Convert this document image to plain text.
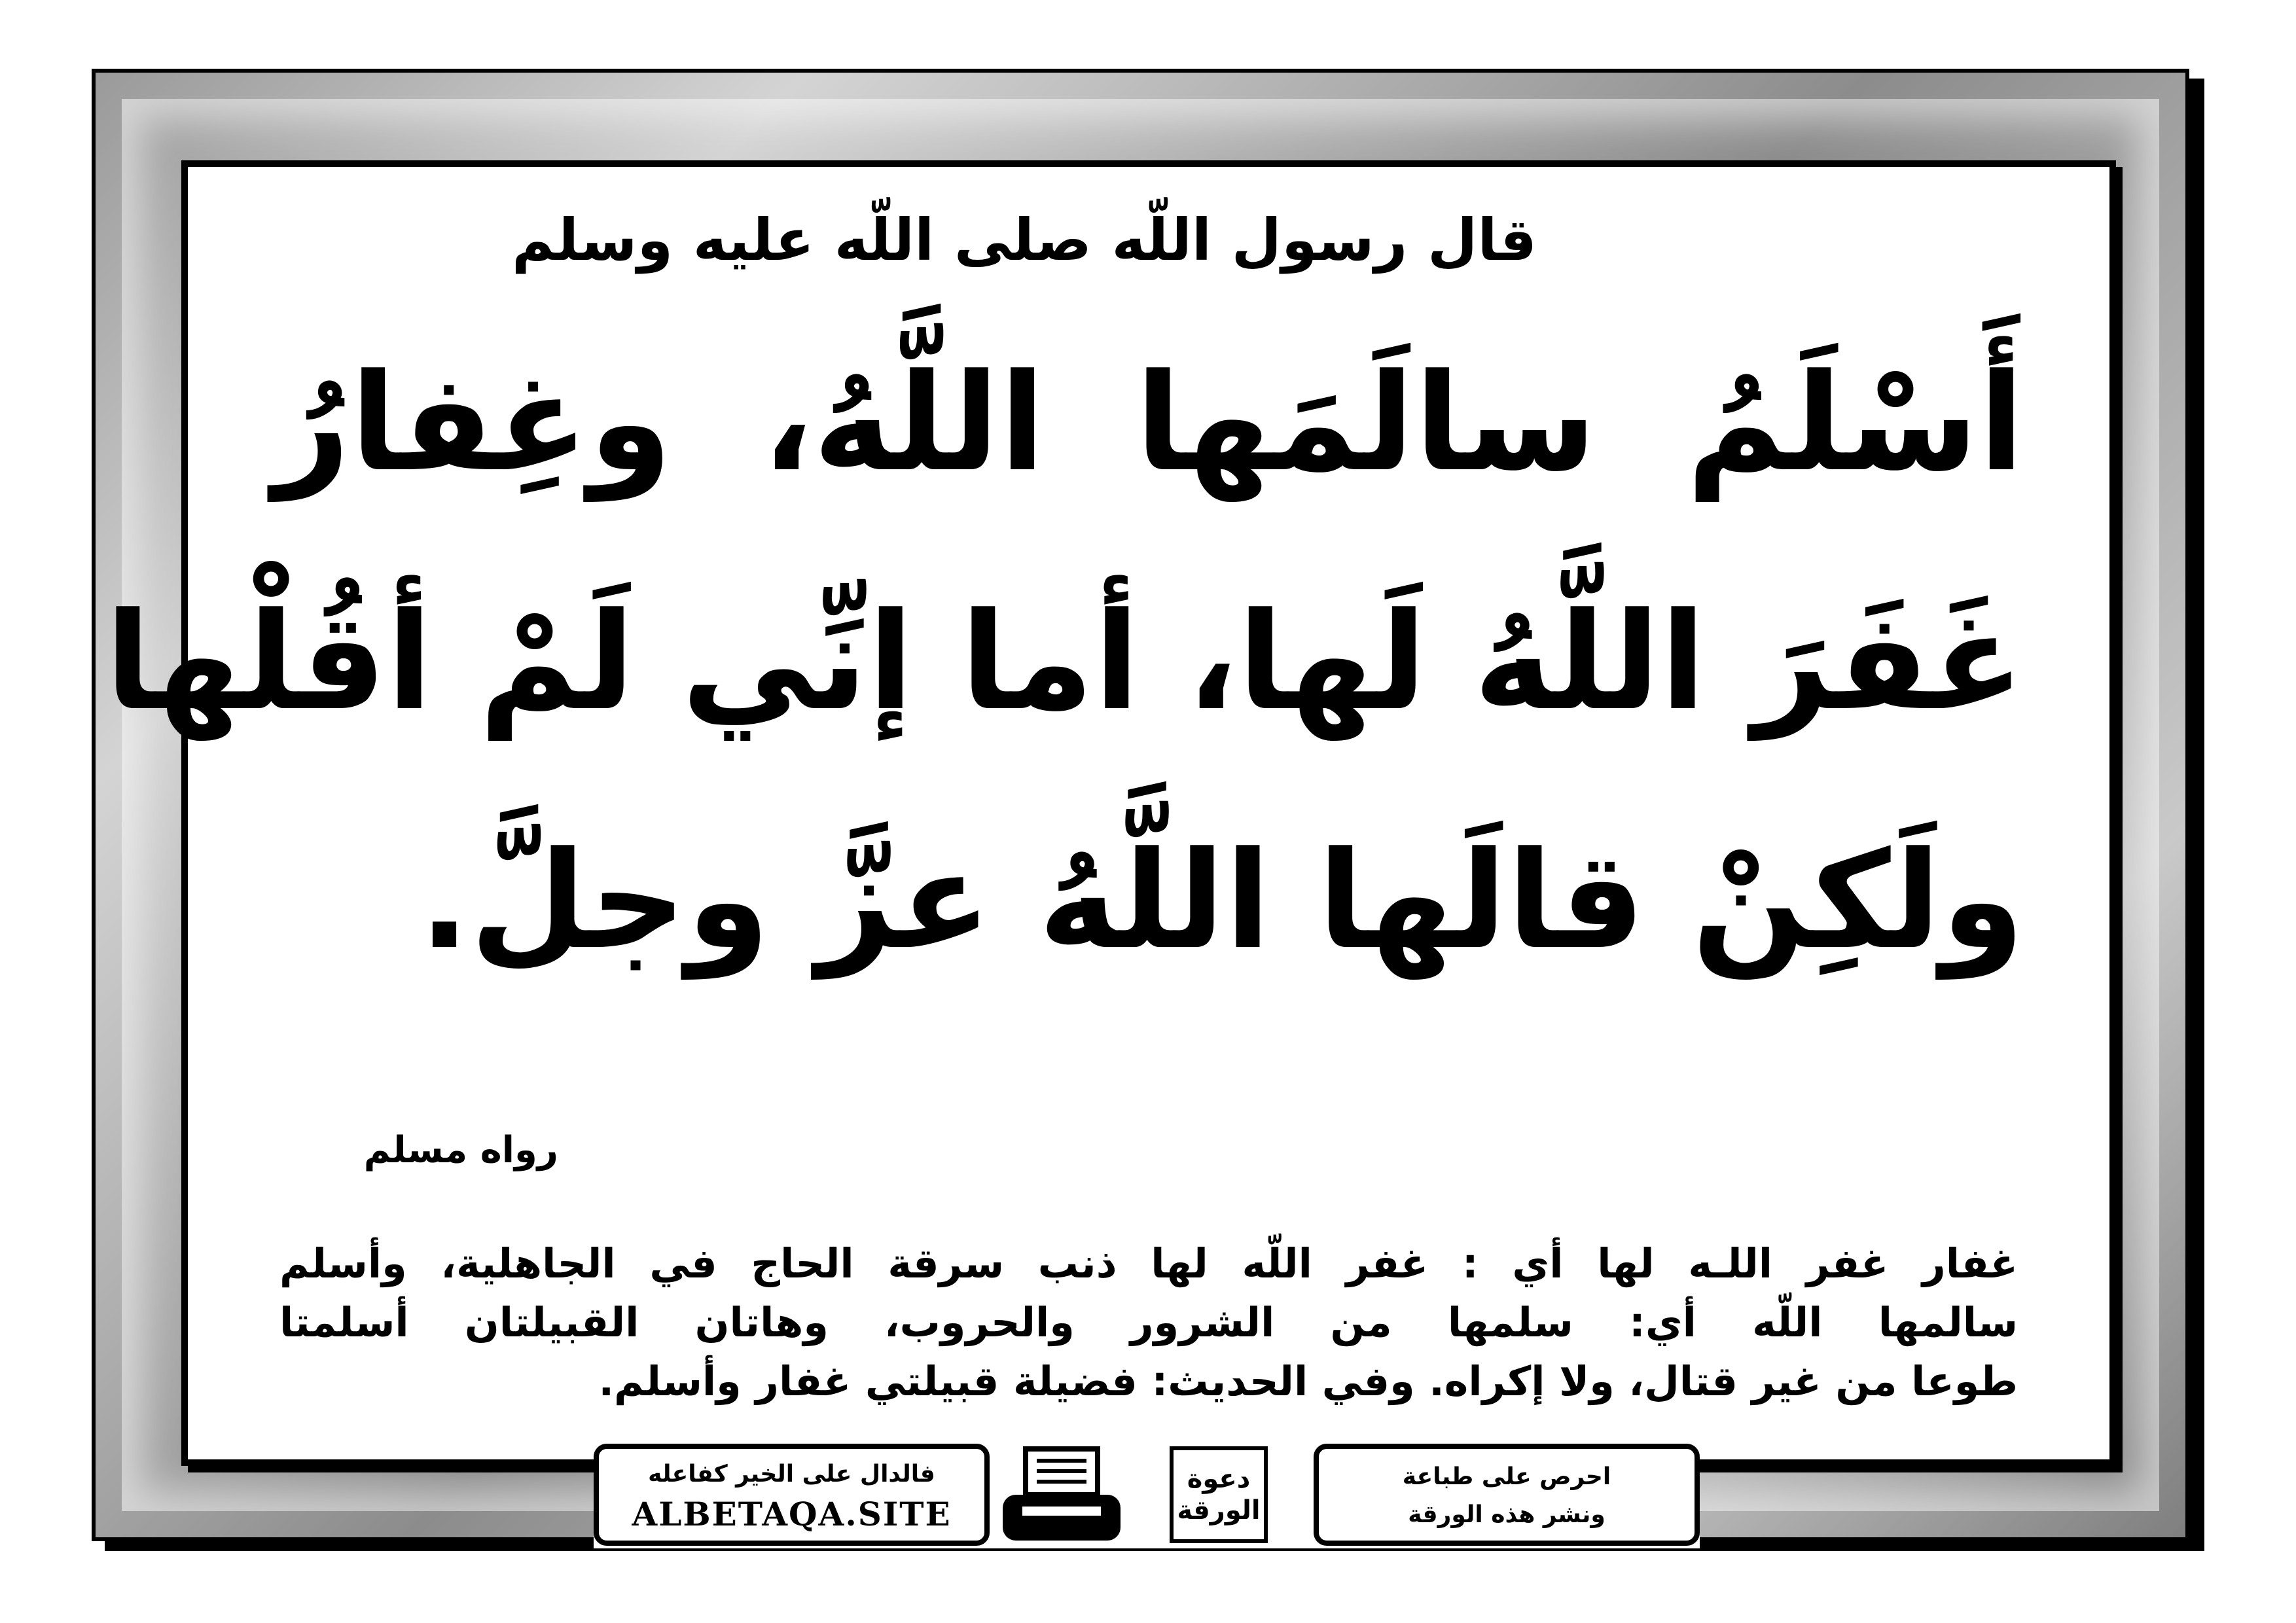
قال رسول اللّه صلى اللّه عليه وسلم
أَسْلَمُ سالَمَها اللَّهُ، وغِفارُ
غَفَرَ اللَّهُ لَها، أما إنِّي لَمْ أقُلْها
ولَكِنْ قالَها اللَّهُ عزَّ وجلَّ.
رواه مسلم
غفار غفر اللـه لها أي : غفر اللّه لها ذنب سرقة الحاج في الجاهلية، وأسلم
سالمها اللّه أي: سلمها من الشرور والحروب، وهاتان القبيلتان أسلمتا
طوعا من غير قتال، ولا إكراه. وفي الحديث: فضيلة قبيلتي غفار وأسلم.
فالدال على الخير كفاعله
ALBETAQA.SITE
دعوة
الورقة
احرص على طباعة
ونشر هذه الورقة
